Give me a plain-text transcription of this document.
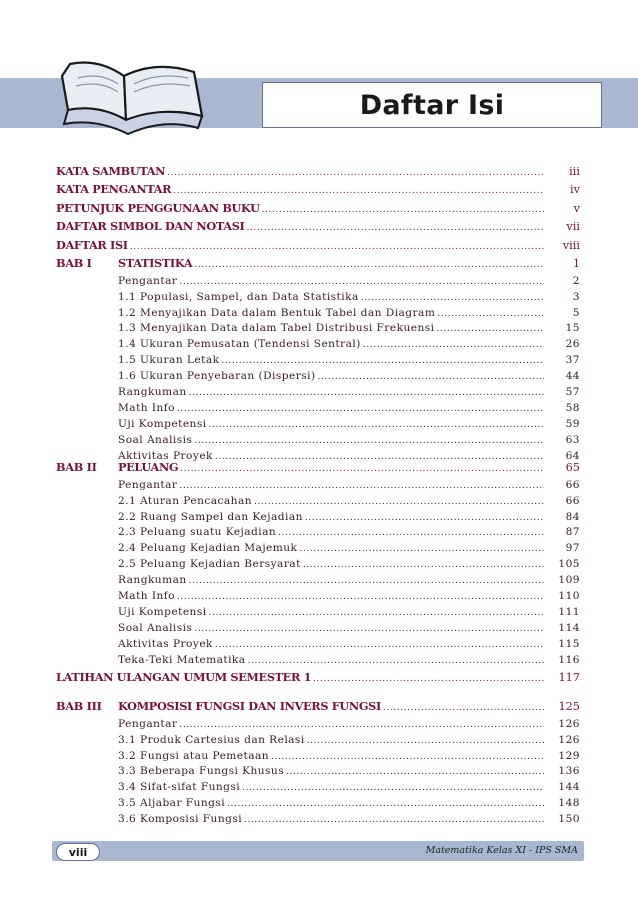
Daftar Isi
KATA SAMBUTAN .....	iii
KATA PENGANTAR .....	iv
PETUNJUK PENGGUNAAN BUKU .....	v
DAFTAR SIMBOL DAN NOTASI .....	vii
DAFTAR ISI .....	viii
BAB I	STATISTIKA .....	1
Pengantar .....	2
1.1 Populasi, Sampel, dan Data Statistika .....	3
1.2 Menyajikan Data dalam Bentuk Tabel dan Diagram .....	5
1.3 Menyajikan Data dalam Tabel Distribusi Frekuensi .....	15
1.4 Ukuran Pemusatan (Tendensi Sentral) .....	26
1.5 Ukuran Letak .....	37
1.6 Ukuran Penyebaran (Dispersi) .....	44
Rangkuman .....	57
Math Info .....	58
Uji Kompetensi .....	59
Soal Analisis .....	63
Aktivitas Proyek .....	64
BAB II	PELUANG .....	65
Pengantar .....	66
2.1 Aturan Pencacahan .....	66
2.2 Ruang Sampel dan Kejadian .....	84
2.3 Peluang suatu Kejadian .....	87
2.4 Peluang Kejadian Majemuk .....	97
2.5 Peluang Kejadian Bersyarat .....	105
Rangkuman .....	109
Math Info .....	110
Uji Kompetensi .....	111
Soal Analisis .....	114
Aktivitas Proyek .....	115
Teka-Teki Matematika .....	116
LATIHAN ULANGAN UMUM SEMESTER 1 .....	117
BAB III	KOMPOSISI FUNGSI DAN INVERS FUNGSI .....	125
Pengantar .....	126
3.1 Produk Cartesius dan Relasi .....	126
3.2 Fungsi atau Pemetaan .....	129
3.3 Beberapa Fungsi Khusus .....	136
3.4 Sifat-sifat Fungsi .....	144
3.5 Aljabar Fungsi .....	148
3.6 Komposisi Fungsi .....	150
viii	Matematika Kelas XI - IPS SMA
